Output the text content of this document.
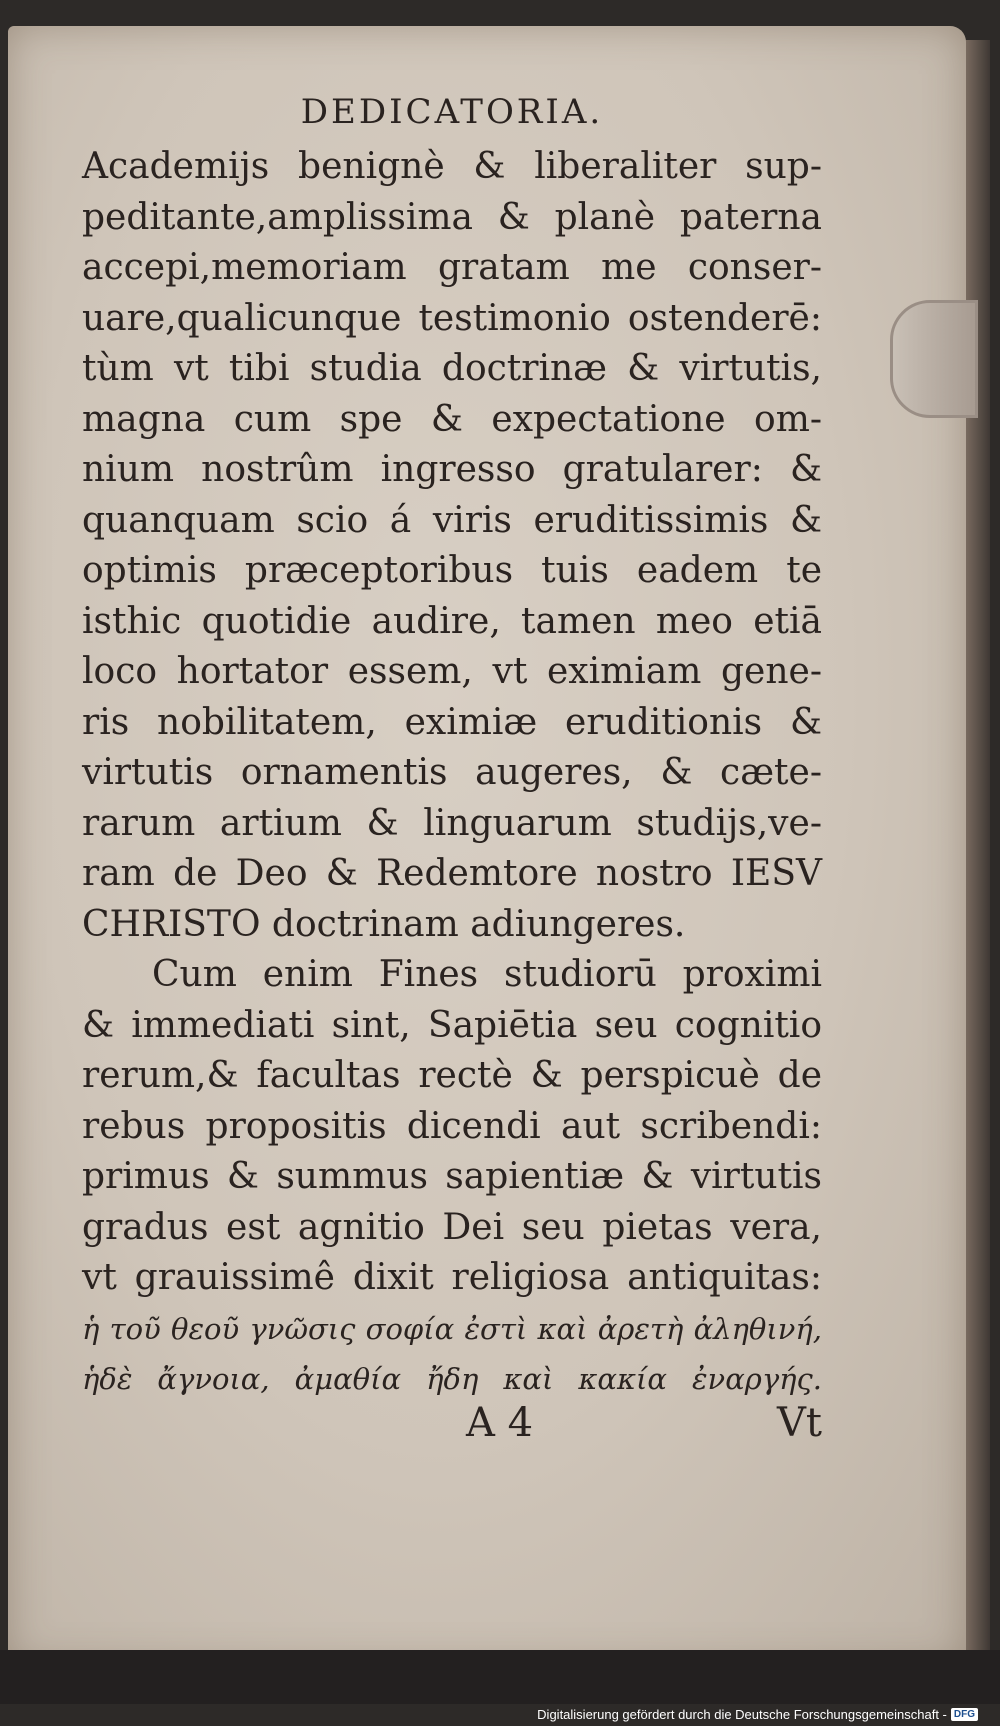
DEDICATORIA.
Academijs benignè & liberaliter sup-
peditante,amplissima & planè paterna
accepi,memoriam gratam me conser-
uare,qualicunque testimonio ostenderē:
tùm vt tibi studia doctrinæ & virtutis,
magna cum spe & expectatione om-
nium nostrûm ingresso gratularer: &
quanquam scio á viris eruditissimis &
optimis præceptoribus tuis eadem te
isthic quotidie audire, tamen meo etiā
loco hortator essem, vt eximiam gene-
ris nobilitatem, eximiæ eruditionis &
virtutis ornamentis augeres, & cæte-
rarum artium & linguarum studijs,ve-
ram de Deo & Redemtore nostro IESV
CHRISTO doctrinam adiungeres.
Cum enim Fines studiorū proximi
& immediati sint, Sapiētia seu cognitio
rerum,& facultas rectè & perspicuè de
rebus propositis dicendi aut scribendi:
primus & summus sapientiæ & virtutis
gradus est agnitio Dei seu pietas vera,
vt grauissimê dixit religiosa antiquitas:
ἡ τοῦ θεοῦ γνῶσις σοφία ἐστὶ καὶ ἀρετὴ ἀληθινή,
ἡδὲ ἄγνοια, ἀμαθία ἤδη καὶ κακία ἐναργής.
A 4	Vt
Digitalisierung gefördert durch die Deutsche Forschungsgemeinschaft - DFG
